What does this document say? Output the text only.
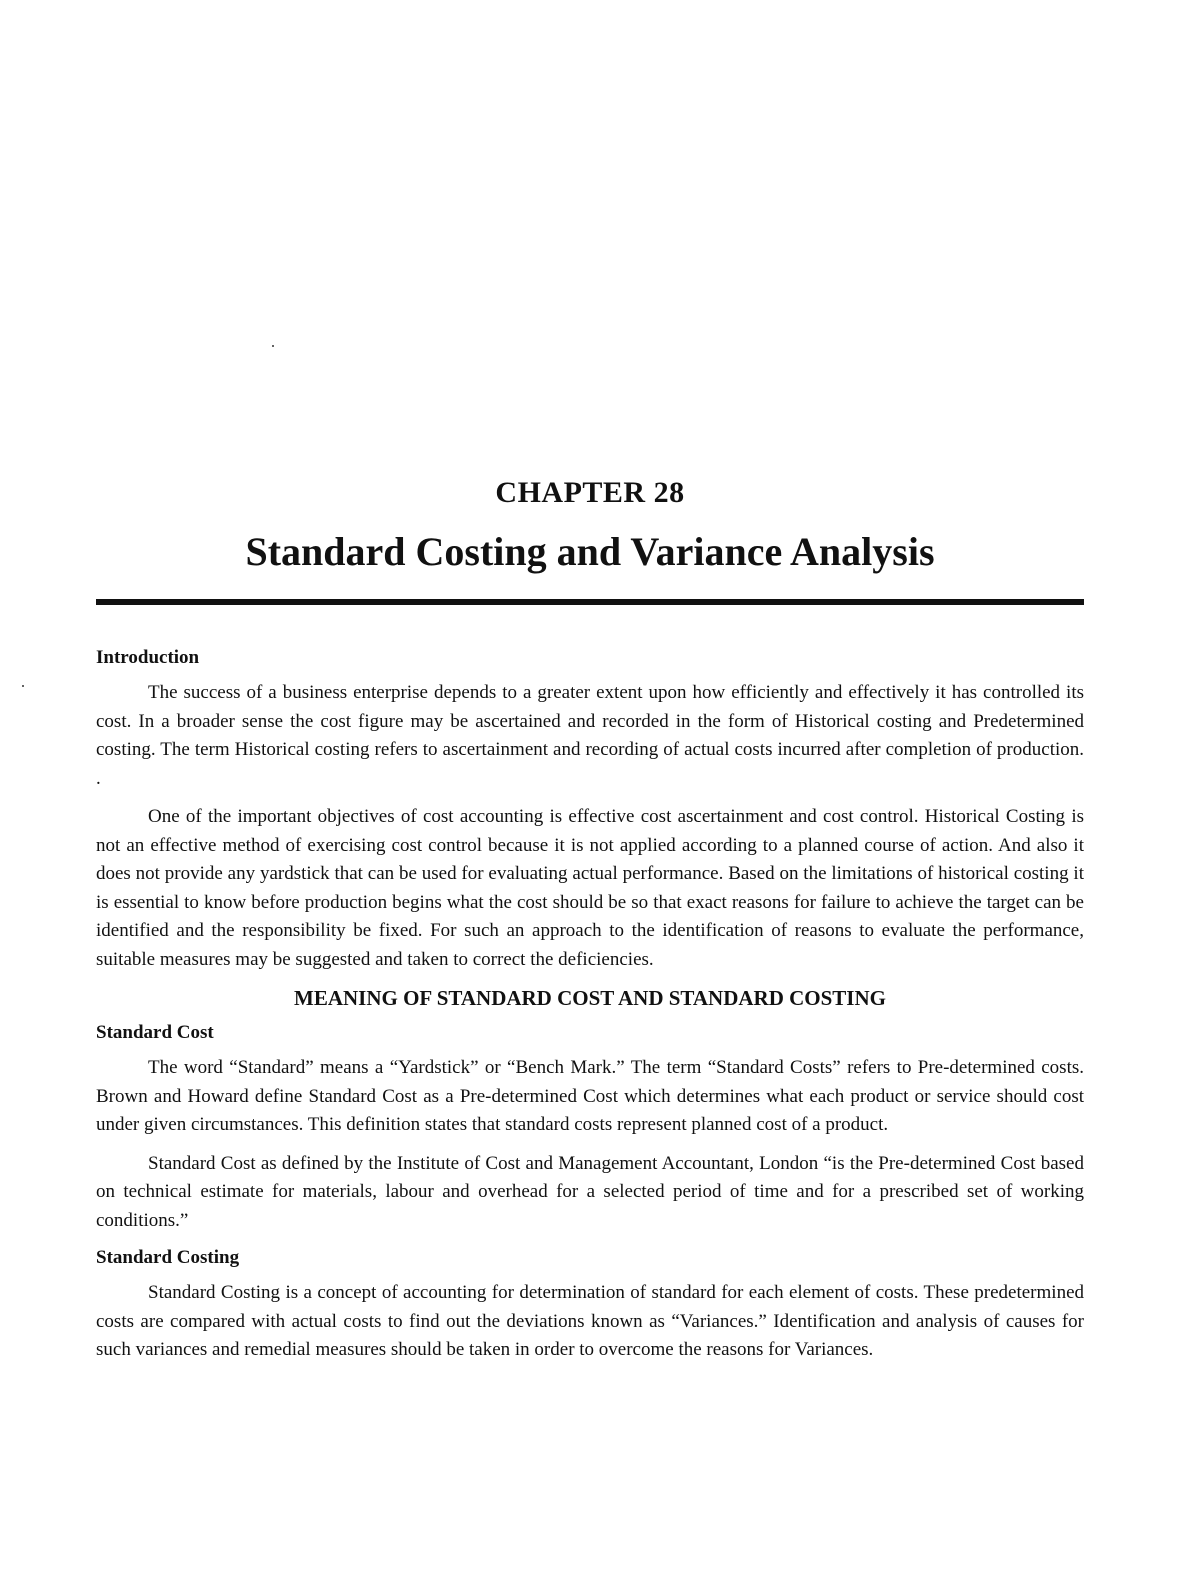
CHAPTER 28
Standard Costing and Variance Analysis
Introduction

The success of a business enterprise depends to a greater extent upon how efficiently and effectively it has controlled its cost. In a broader sense the cost figure may be ascertained and recorded in the form of Historical costing and Predetermined costing. The term Historical costing refers to ascertainment and recording of actual costs incurred after completion of production. .

One of the important objectives of cost accounting is effective cost ascertainment and cost control. Historical Costing is not an effective method of exercising cost control because it is not applied according to a planned course of action. And also it does not provide any yardstick that can be used for evaluating actual performance. Based on the limitations of historical costing it is essential to know before production begins what the cost should be so that exact reasons for failure to achieve the target can be identified and the responsibility be fixed. For such an approach to the identification of reasons to evaluate the performance, suitable measures may be suggested and taken to correct the deficiencies.

MEANING OF STANDARD COST AND STANDARD COSTING
Standard Cost

The word “Standard” means a “Yardstick” or “Bench Mark.” The term “Standard Costs” refers to Pre-determined costs. Brown and Howard define Standard Cost as a Pre-determined Cost which determines what each product or service should cost under given circumstances. This definition states that standard costs represent planned cost of a product.

Standard Cost as defined by the Institute of Cost and Management Accountant, London “is the Pre-determined Cost based on technical estimate for materials, labour and overhead for a selected period of time and for a prescribed set of working conditions.”

Standard Costing

Standard Costing is a concept of accounting for determination of standard for each element of costs. These predetermined costs are compared with actual costs to find out the deviations known as “Variances.” Identification and analysis of causes for such variances and remedial measures should be taken in order to overcome the reasons for Variances.
